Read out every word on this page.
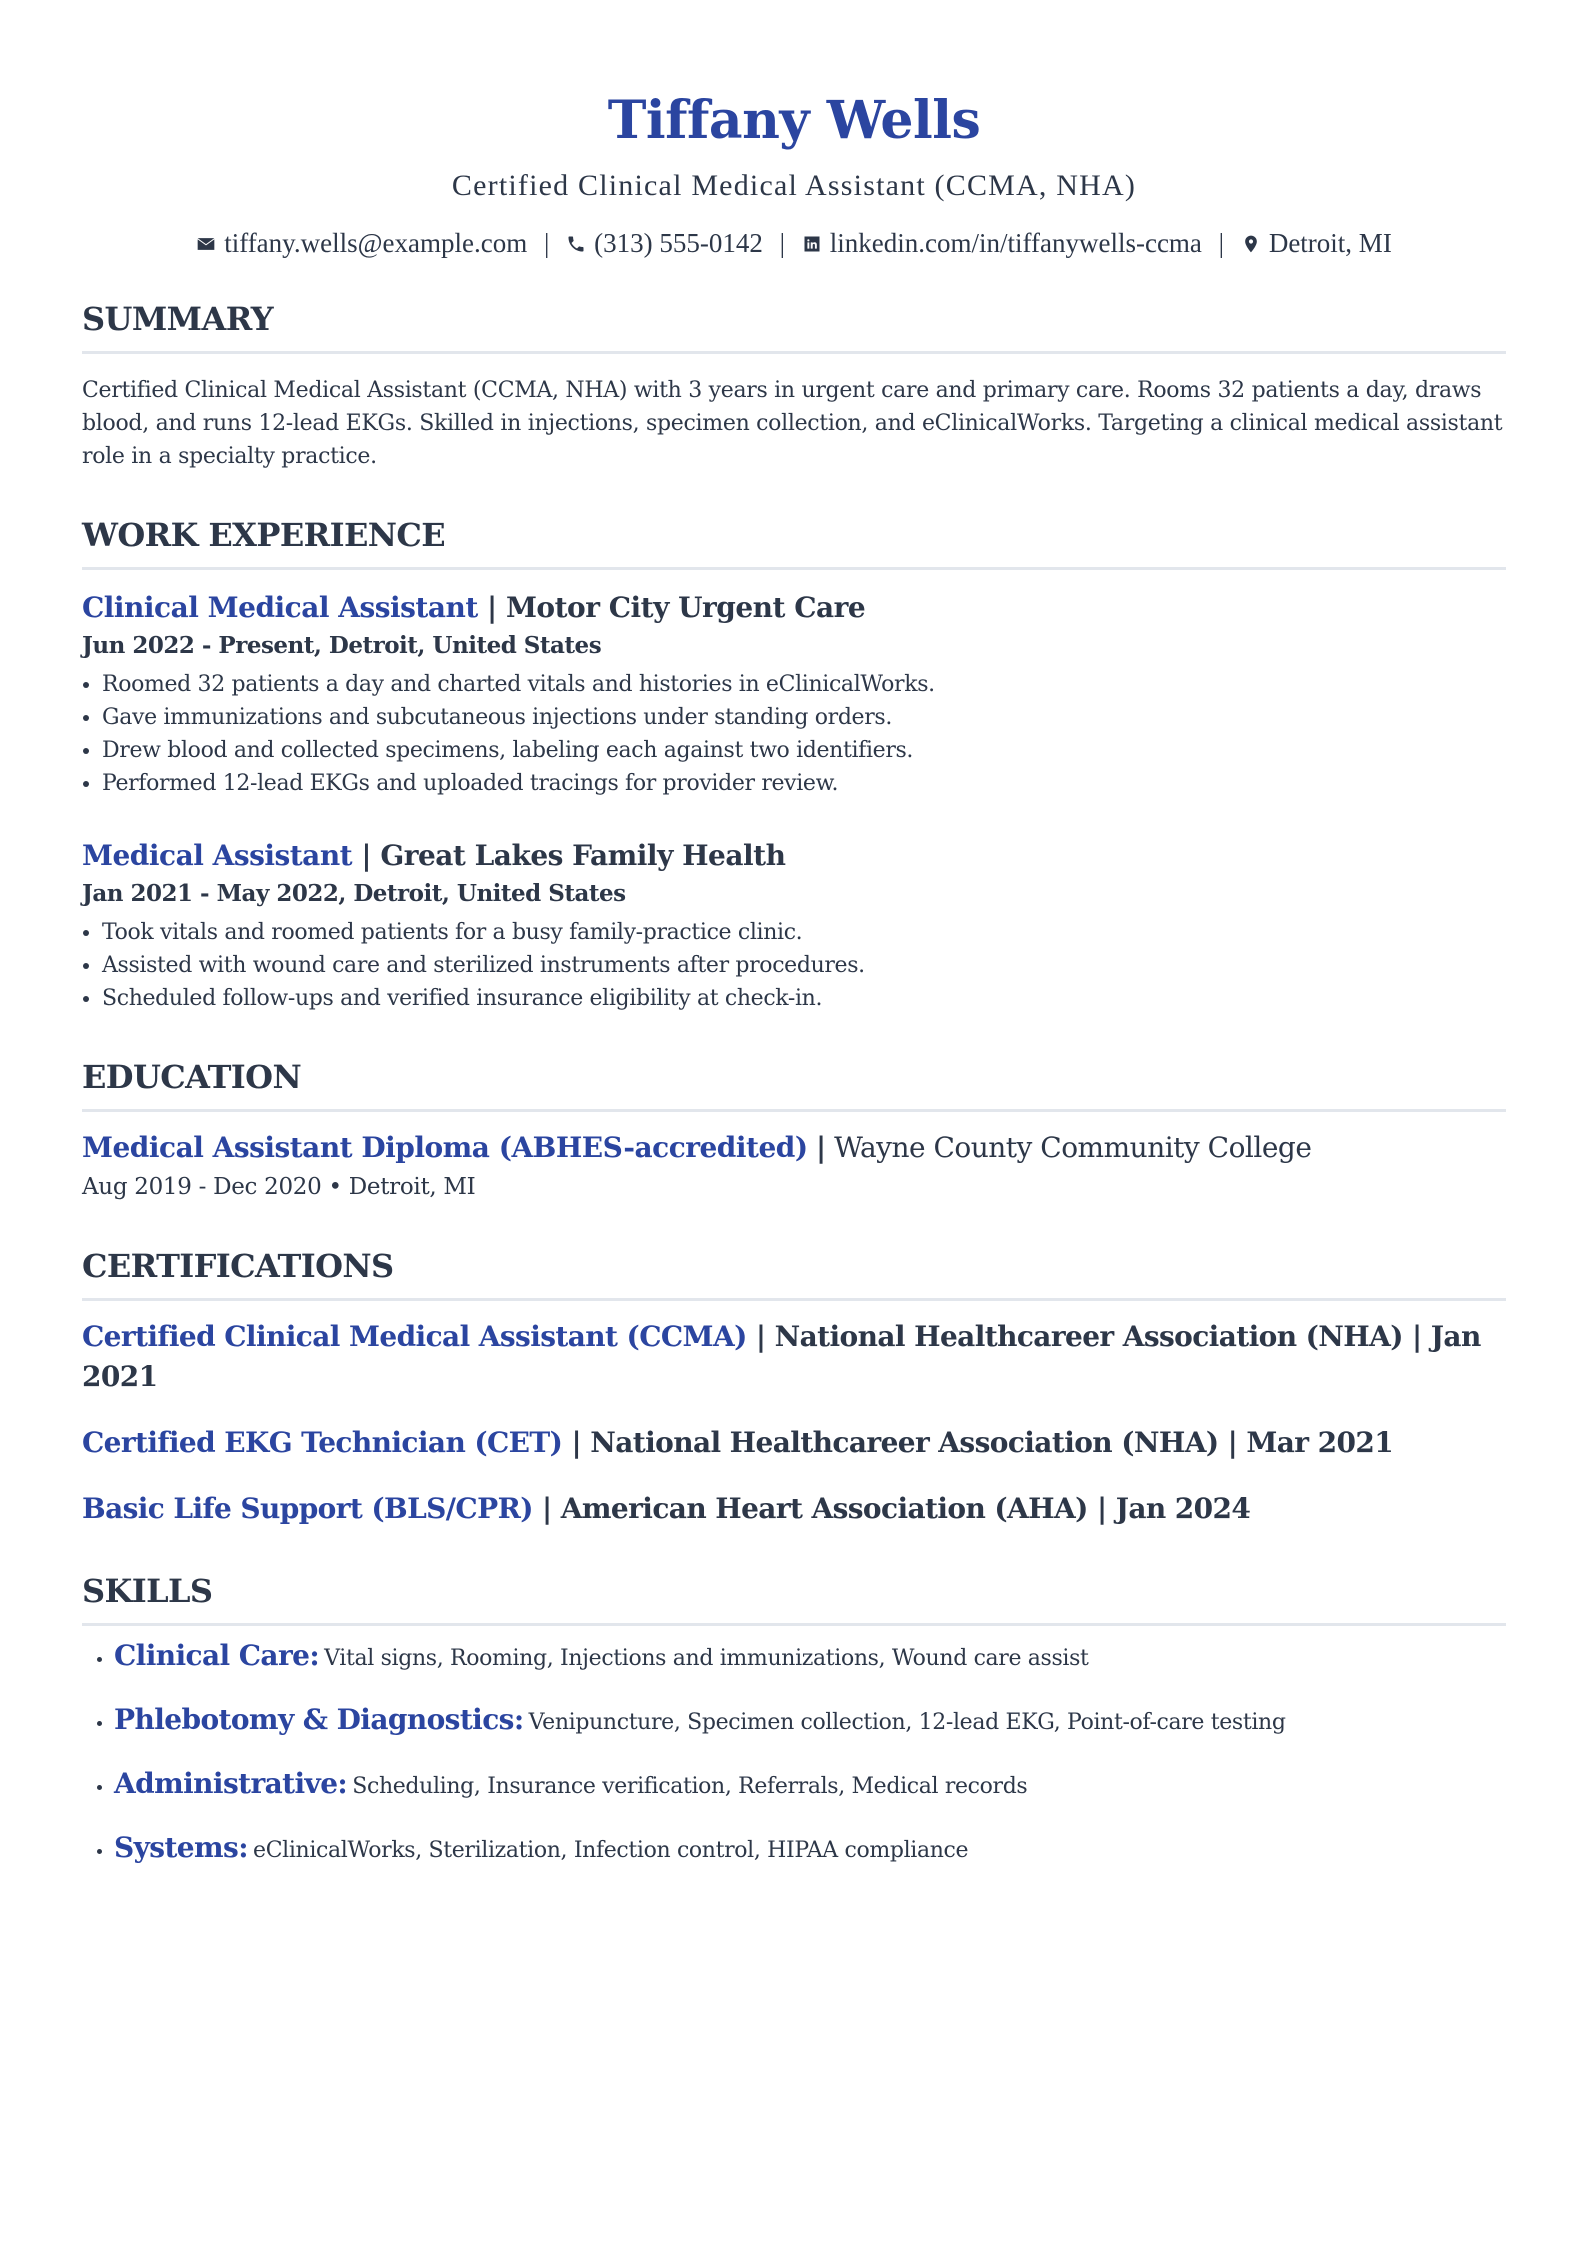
Tiffany Wells
Certified Clinical Medical Assistant (CCMA, NHA)
tiffany.wells@example.com | (313) 555-0142 | linkedin.com/in/tiffanywells-ccma | Detroit, MI
SUMMARY

Certified Clinical Medical Assistant (CCMA, NHA) with 3 years in urgent care and primary care. Rooms 32 patients a day, draws blood, and runs 12-lead EKGs. Skilled in injections, specimen collection, and eClinicalWorks. Targeting a clinical medical assistant role in a specialty practice.

WORK EXPERIENCE
Clinical Medical Assistant | Motor City Urgent Care
Jun 2022 - Present, Detroit, United States
• Roomed 32 patients a day and charted vitals and histories in eClinicalWorks.
• Gave immunizations and subcutaneous injections under standing orders.
• Drew blood and collected specimens, labeling each against two identifiers.
• Performed 12-lead EKGs and uploaded tracings for provider review.
Medical Assistant | Great Lakes Family Health
Jan 2021 - May 2022, Detroit, United States
• Took vitals and roomed patients for a busy family-practice clinic.
• Assisted with wound care and sterilized instruments after procedures.
• Scheduled follow-ups and verified insurance eligibility at check-in.
EDUCATION
Medical Assistant Diploma (ABHES-accredited) | Wayne County Community College
Aug 2019 - Dec 2020 • Detroit, MI
CERTIFICATIONS
Certified Clinical Medical Assistant (CCMA) | National Healthcareer Association (NHA) | Jan 2021
Certified EKG Technician (CET) | National Healthcareer Association (NHA) | Mar 2021
Basic Life Support (BLS/CPR) | American Heart Association (AHA) | Jan 2024
SKILLS
• Clinical Care: Vital signs, Rooming, Injections and immunizations, Wound care assist
• Phlebotomy & Diagnostics: Venipuncture, Specimen collection, 12-lead EKG, Point-of-care testing
• Administrative: Scheduling, Insurance verification, Referrals, Medical records
• Systems: eClinicalWorks, Sterilization, Infection control, HIPAA compliance
